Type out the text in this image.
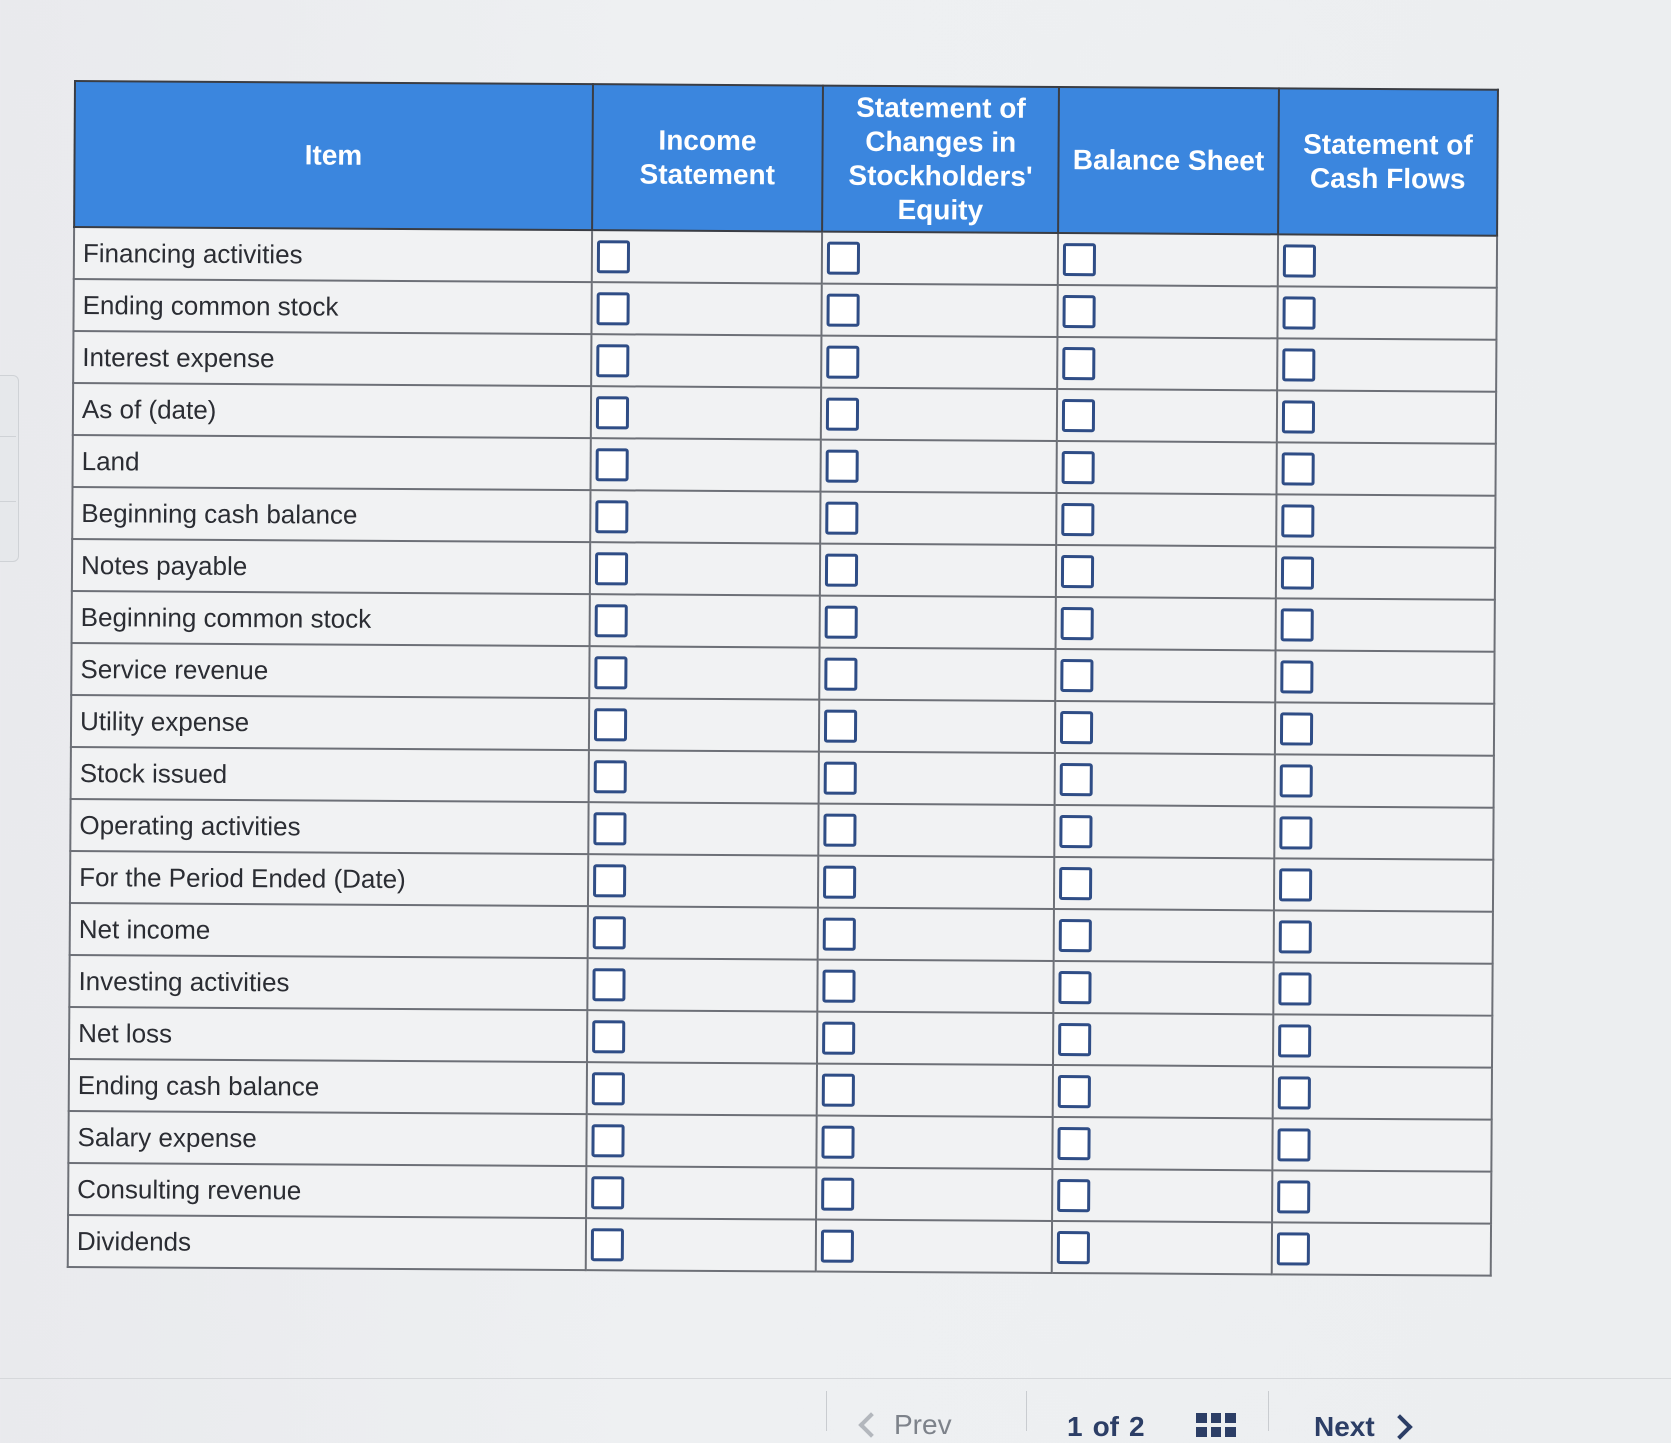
Item	Income Statement	Statement of Changes in Stockholders' Equity	Balance Sheet	Statement of Cash Flows
Financing activities				
Ending common stock				
Interest expense				
As of (date)				
Land				
Beginning cash balance				
Notes payable				
Beginning common stock				
Service revenue				
Utility expense				
Stock issued				
Operating activities				
For the Period Ended (Date)				
Net income				
Investing activities				
Net loss				
Ending cash balance				
Salary expense				
Consulting revenue				
Dividends				
Prev	1 of 2	Next
